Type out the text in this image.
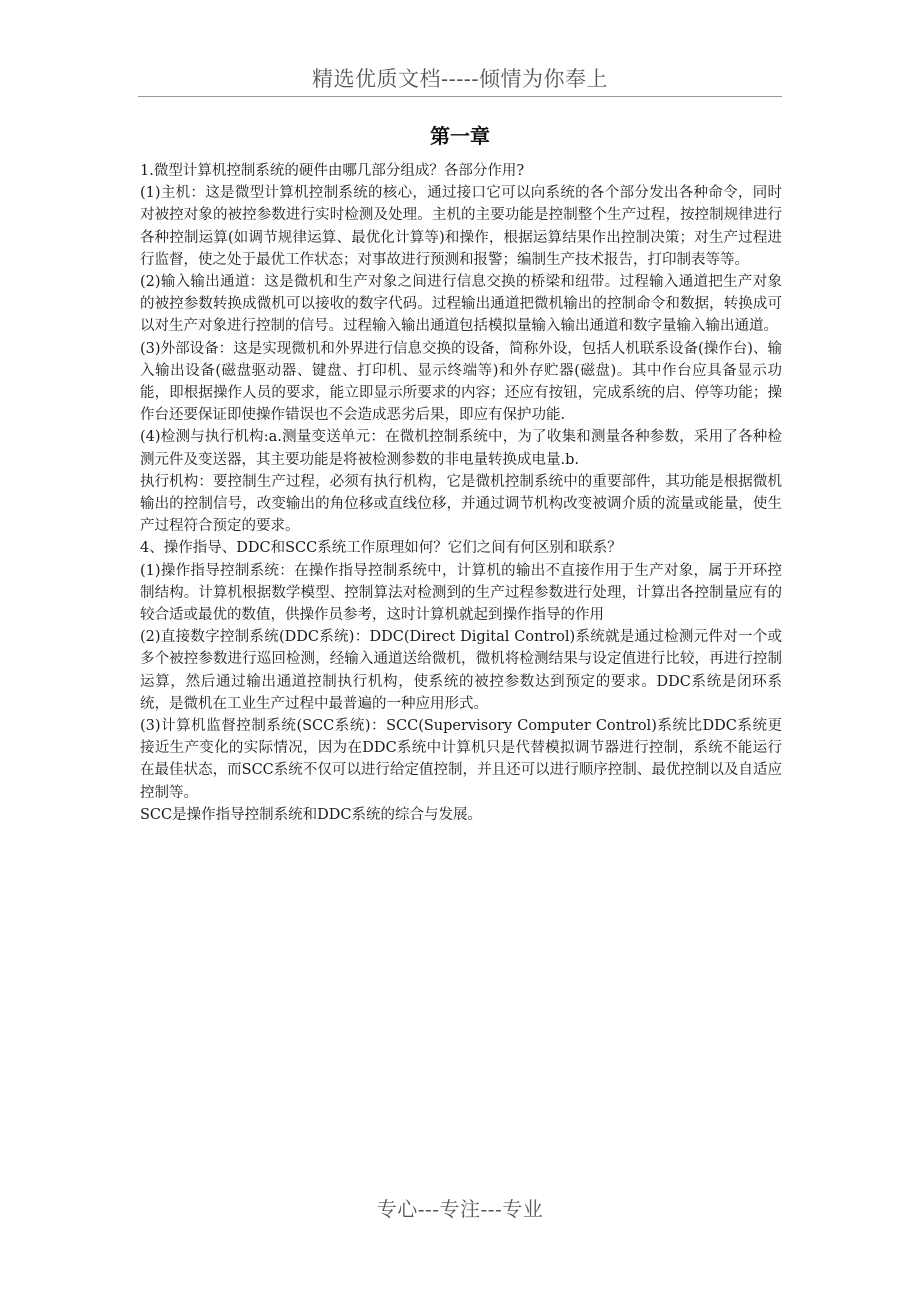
精选优质文档-----倾情为你奉上
第一章

1.微型计算机控制系统的硬件由哪几部分组成？各部分作用?

(1)主机：这是微型计算机控制系统的核心，通过接口它可以向系统的各个部分发出各种命令，同时对被控对象的被控参数进行实时检测及处理。主机的主要功能是控制整个生产过程，按控制规律进行各种控制运算(如调节规律运算、最优化计算等)和操作，根据运算结果作出控制决策；对生产过程进行监督，使之处于最优工作状态；对事故进行预测和报警；编制生产技术报告，打印制表等等。

(2)输入输出通道：这是微机和生产对象之间进行信息交换的桥梁和纽带。过程输入通道把生产对象的被控参数转换成微机可以接收的数字代码。过程输出通道把微机输出的控制命令和数据，转换成可以对生产对象进行控制的信号。过程输入输出通道包括模拟量输入输出通道和数字量输入输出通道。

(3)外部设备：这是实现微机和外界进行信息交换的设备，简称外设，包括人机联系设备(操作台)、输入输出设备(磁盘驱动器、键盘、打印机、显示终端等)和外存贮器(磁盘)。其中作台应具备显示功能，即根据操作人员的要求，能立即显示所要求的内容；还应有按钮，完成系统的启、停等功能；操作台还要保证即使操作错误也不会造成恶劣后果，即应有保护功能.

(4)检测与执行机构:a.测量变送单元：在微机控制系统中，为了收集和测量各种参数，采用了各种检测元件及变送器，其主要功能是将被检测参数的非电量转换成电量.b.

执行机构：要控制生产过程，必须有执行机构，它是微机控制系统中的重要部件，其功能是根据微机输出的控制信号，改变输出的角位移或直线位移，并通过调节机构改变被调介质的流量或能量，使生产过程符合预定的要求。

4、操作指导、DDC和SCC系统工作原理如何？它们之间有何区别和联系？

(1)操作指导控制系统：在操作指导控制系统中，计算机的输出不直接作用于生产对象，属于开环控制结构。计算机根据数学模型、控制算法对检测到的生产过程参数进行处理，计算出各控制量应有的较合适或最优的数值，供操作员参考，这时计算机就起到操作指导的作用

(2)直接数字控制系统(DDC系统)：DDC(Direct Digital Control)系统就是通过检测元件对一个或多个被控参数进行巡回检测，经输入通道送给微机，微机将检测结果与设定值进行比较，再进行控制运算，然后通过输出通道控制执行机构，使系统的被控参数达到预定的要求。DDC系统是闭环系统，是微机在工业生产过程中最普遍的一种应用形式。

(3)计算机监督控制系统(SCC系统)：SCC(Supervisory Computer Control)系统比DDC系统更接近生产变化的实际情况，因为在DDC系统中计算机只是代替模拟调节器进行控制，系统不能运行在最佳状态，而SCC系统不仅可以进行给定值控制，并且还可以进行顺序控制、最优控制以及自适应控制等。

SCC是操作指导控制系统和DDC系统的综合与发展。

专心---专注---专业
